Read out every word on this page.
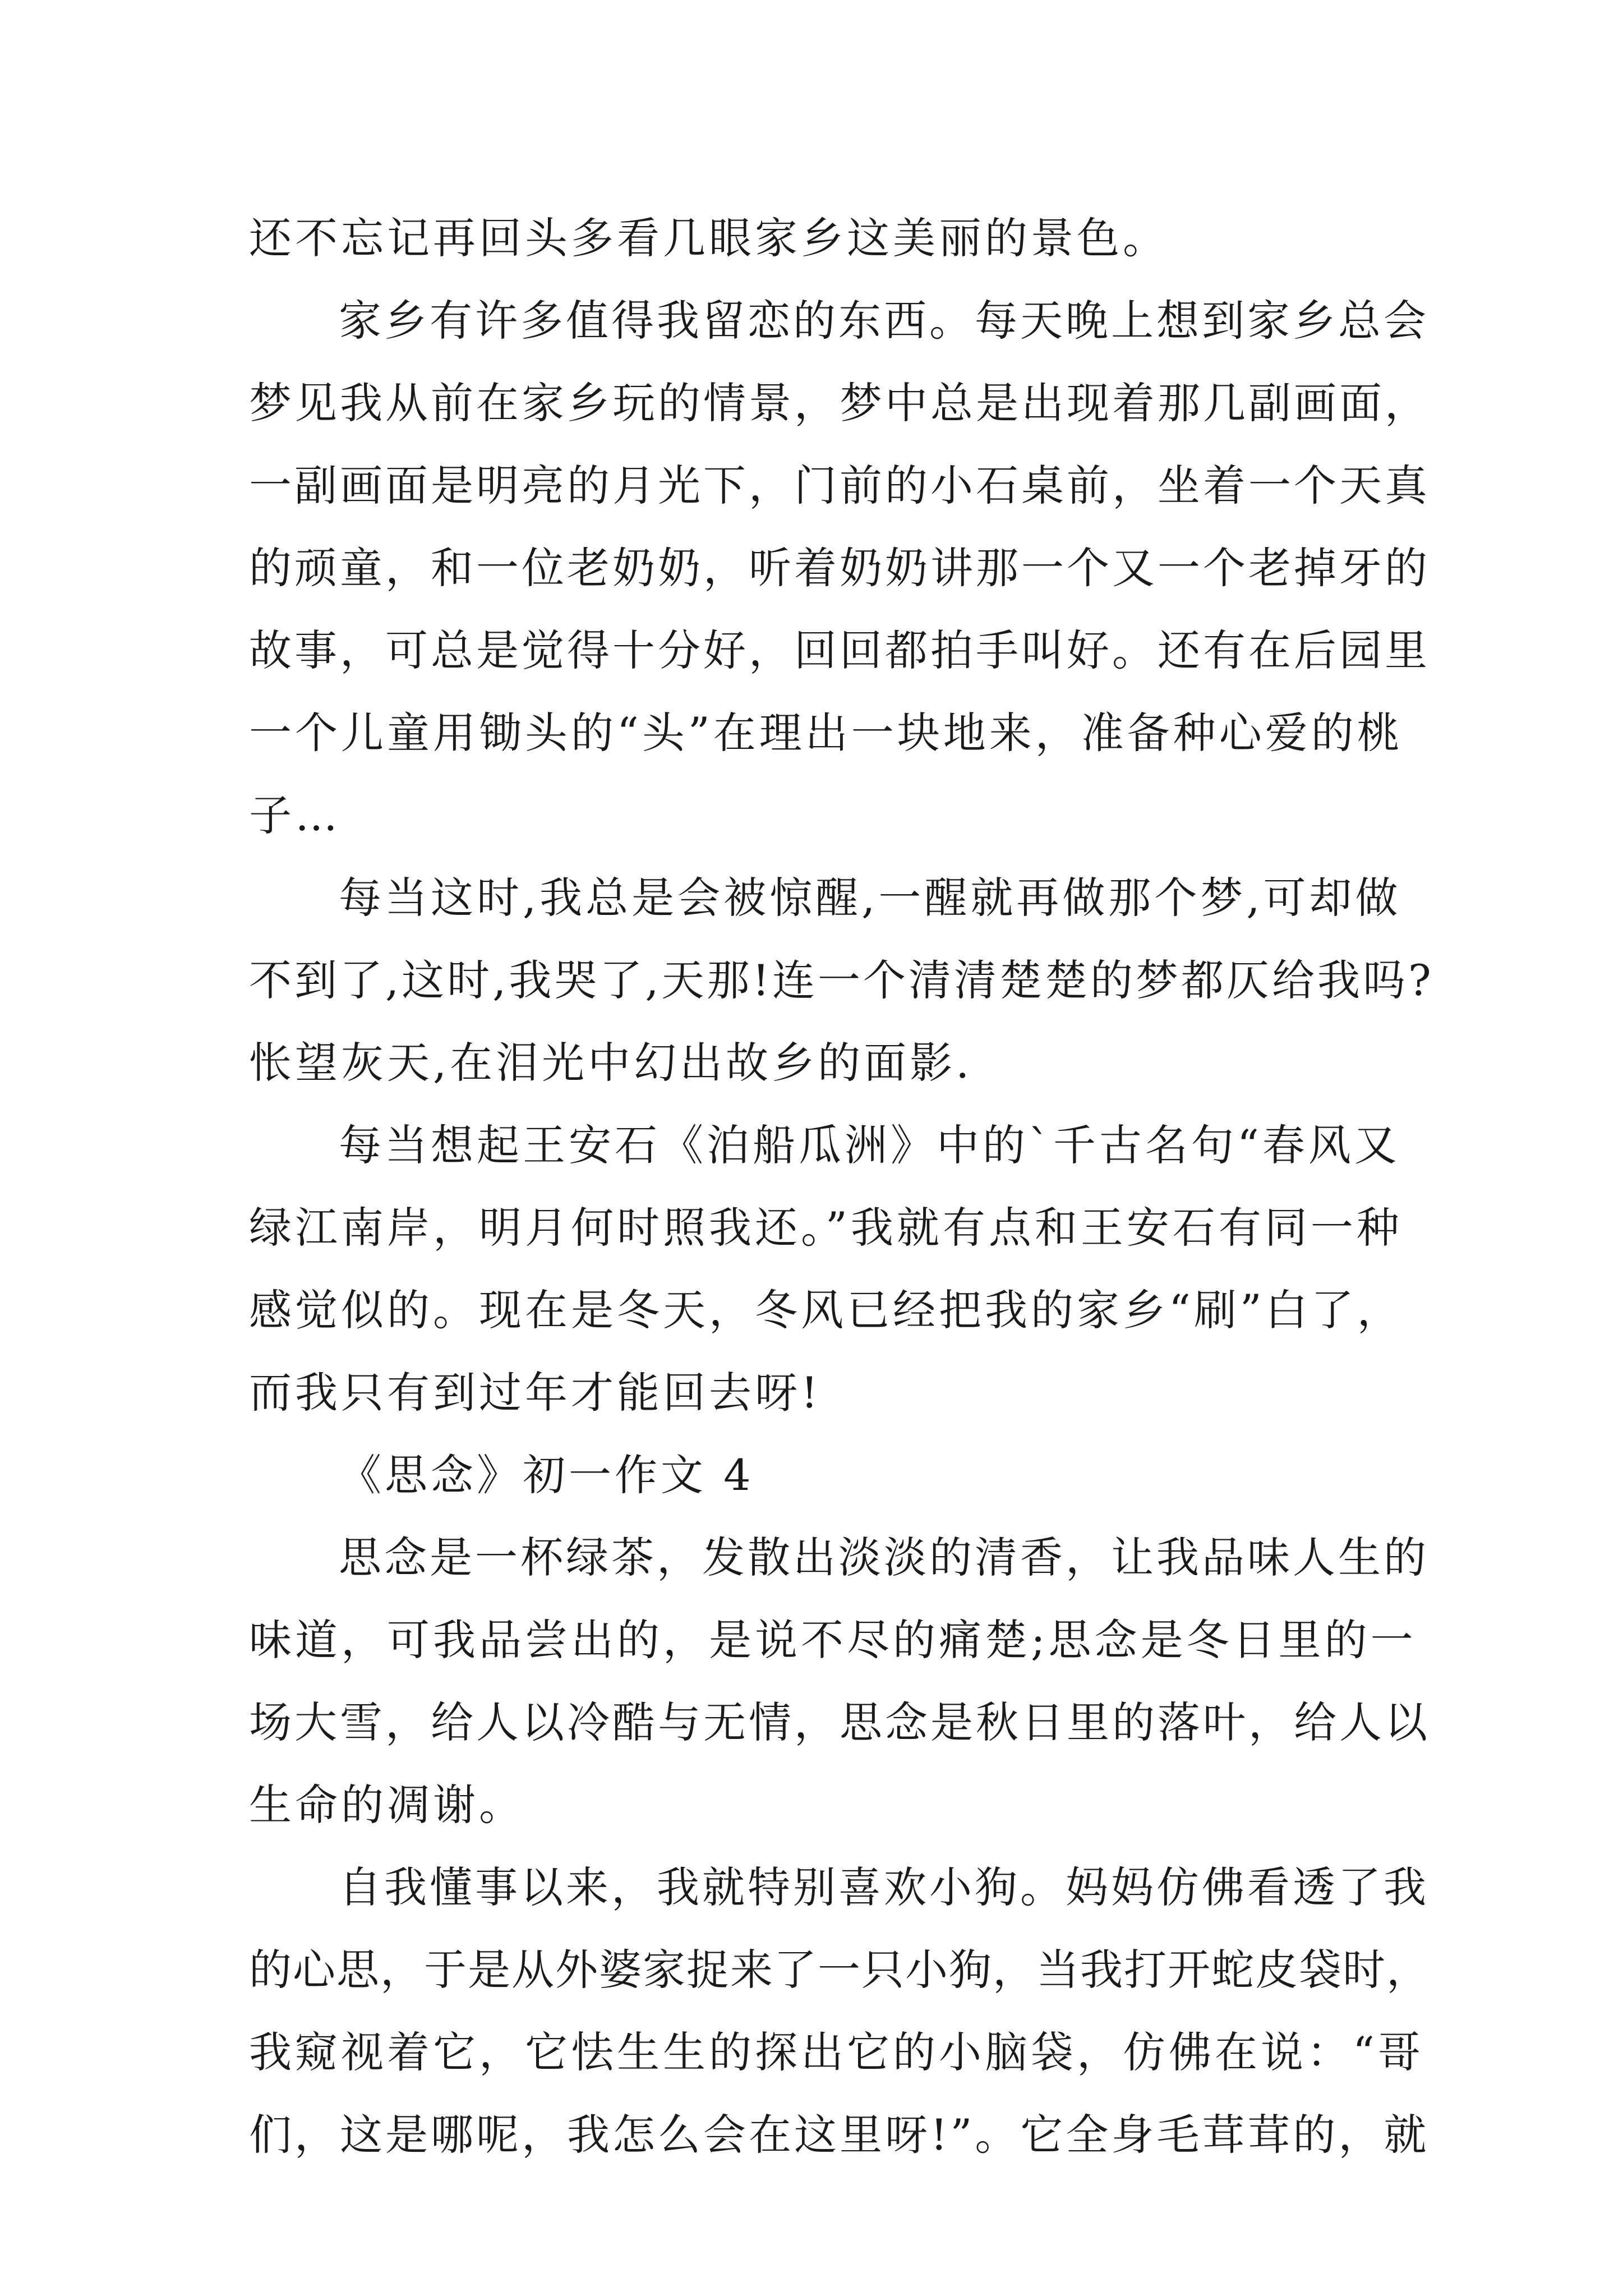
还不忘记再回头多看几眼家乡这美丽的景色。
家乡有许多值得我留恋的东西。每天晚上想到家乡总会
梦见我从前在家乡玩的情景，梦中总是出现着那几副画面，
一副画面是明亮的月光下，门前的小石桌前，坐着一个天真
的顽童，和一位老奶奶，听着奶奶讲那一个又一个老掉牙的
故事，可总是觉得十分好，回回都拍手叫好。还有在后园里
一个儿童用锄头的“头”在理出一块地来，准备种心爱的桃
子…
每当这时,我总是会被惊醒,一醒就再做那个梦,可却做
不到了,这时,我哭了,天那!连一个清清楚楚的梦都仄给我吗?
怅望灰天,在泪光中幻出故乡的面影.
每当想起王安石《泊船瓜洲》中的`千古名句“春风又
绿江南岸，明月何时照我还。”我就有点和王安石有同一种
感觉似的。现在是冬天，冬风已经把我的家乡“刷”白了，
而我只有到过年才能回去呀!
《思念》初一作文 4
思念是一杯绿茶，发散出淡淡的清香，让我品味人生的
味道，可我品尝出的，是说不尽的痛楚;思念是冬日里的一
场大雪，给人以冷酷与无情，思念是秋日里的落叶，给人以
生命的凋谢。
自我懂事以来，我就特别喜欢小狗。妈妈仿佛看透了我
的心思，于是从外婆家捉来了一只小狗，当我打开蛇皮袋时，
我窥视着它，它怯生生的探出它的小脑袋，仿佛在说：“哥
们，这是哪呢，我怎么会在这里呀!”。它全身毛茸茸的，就
